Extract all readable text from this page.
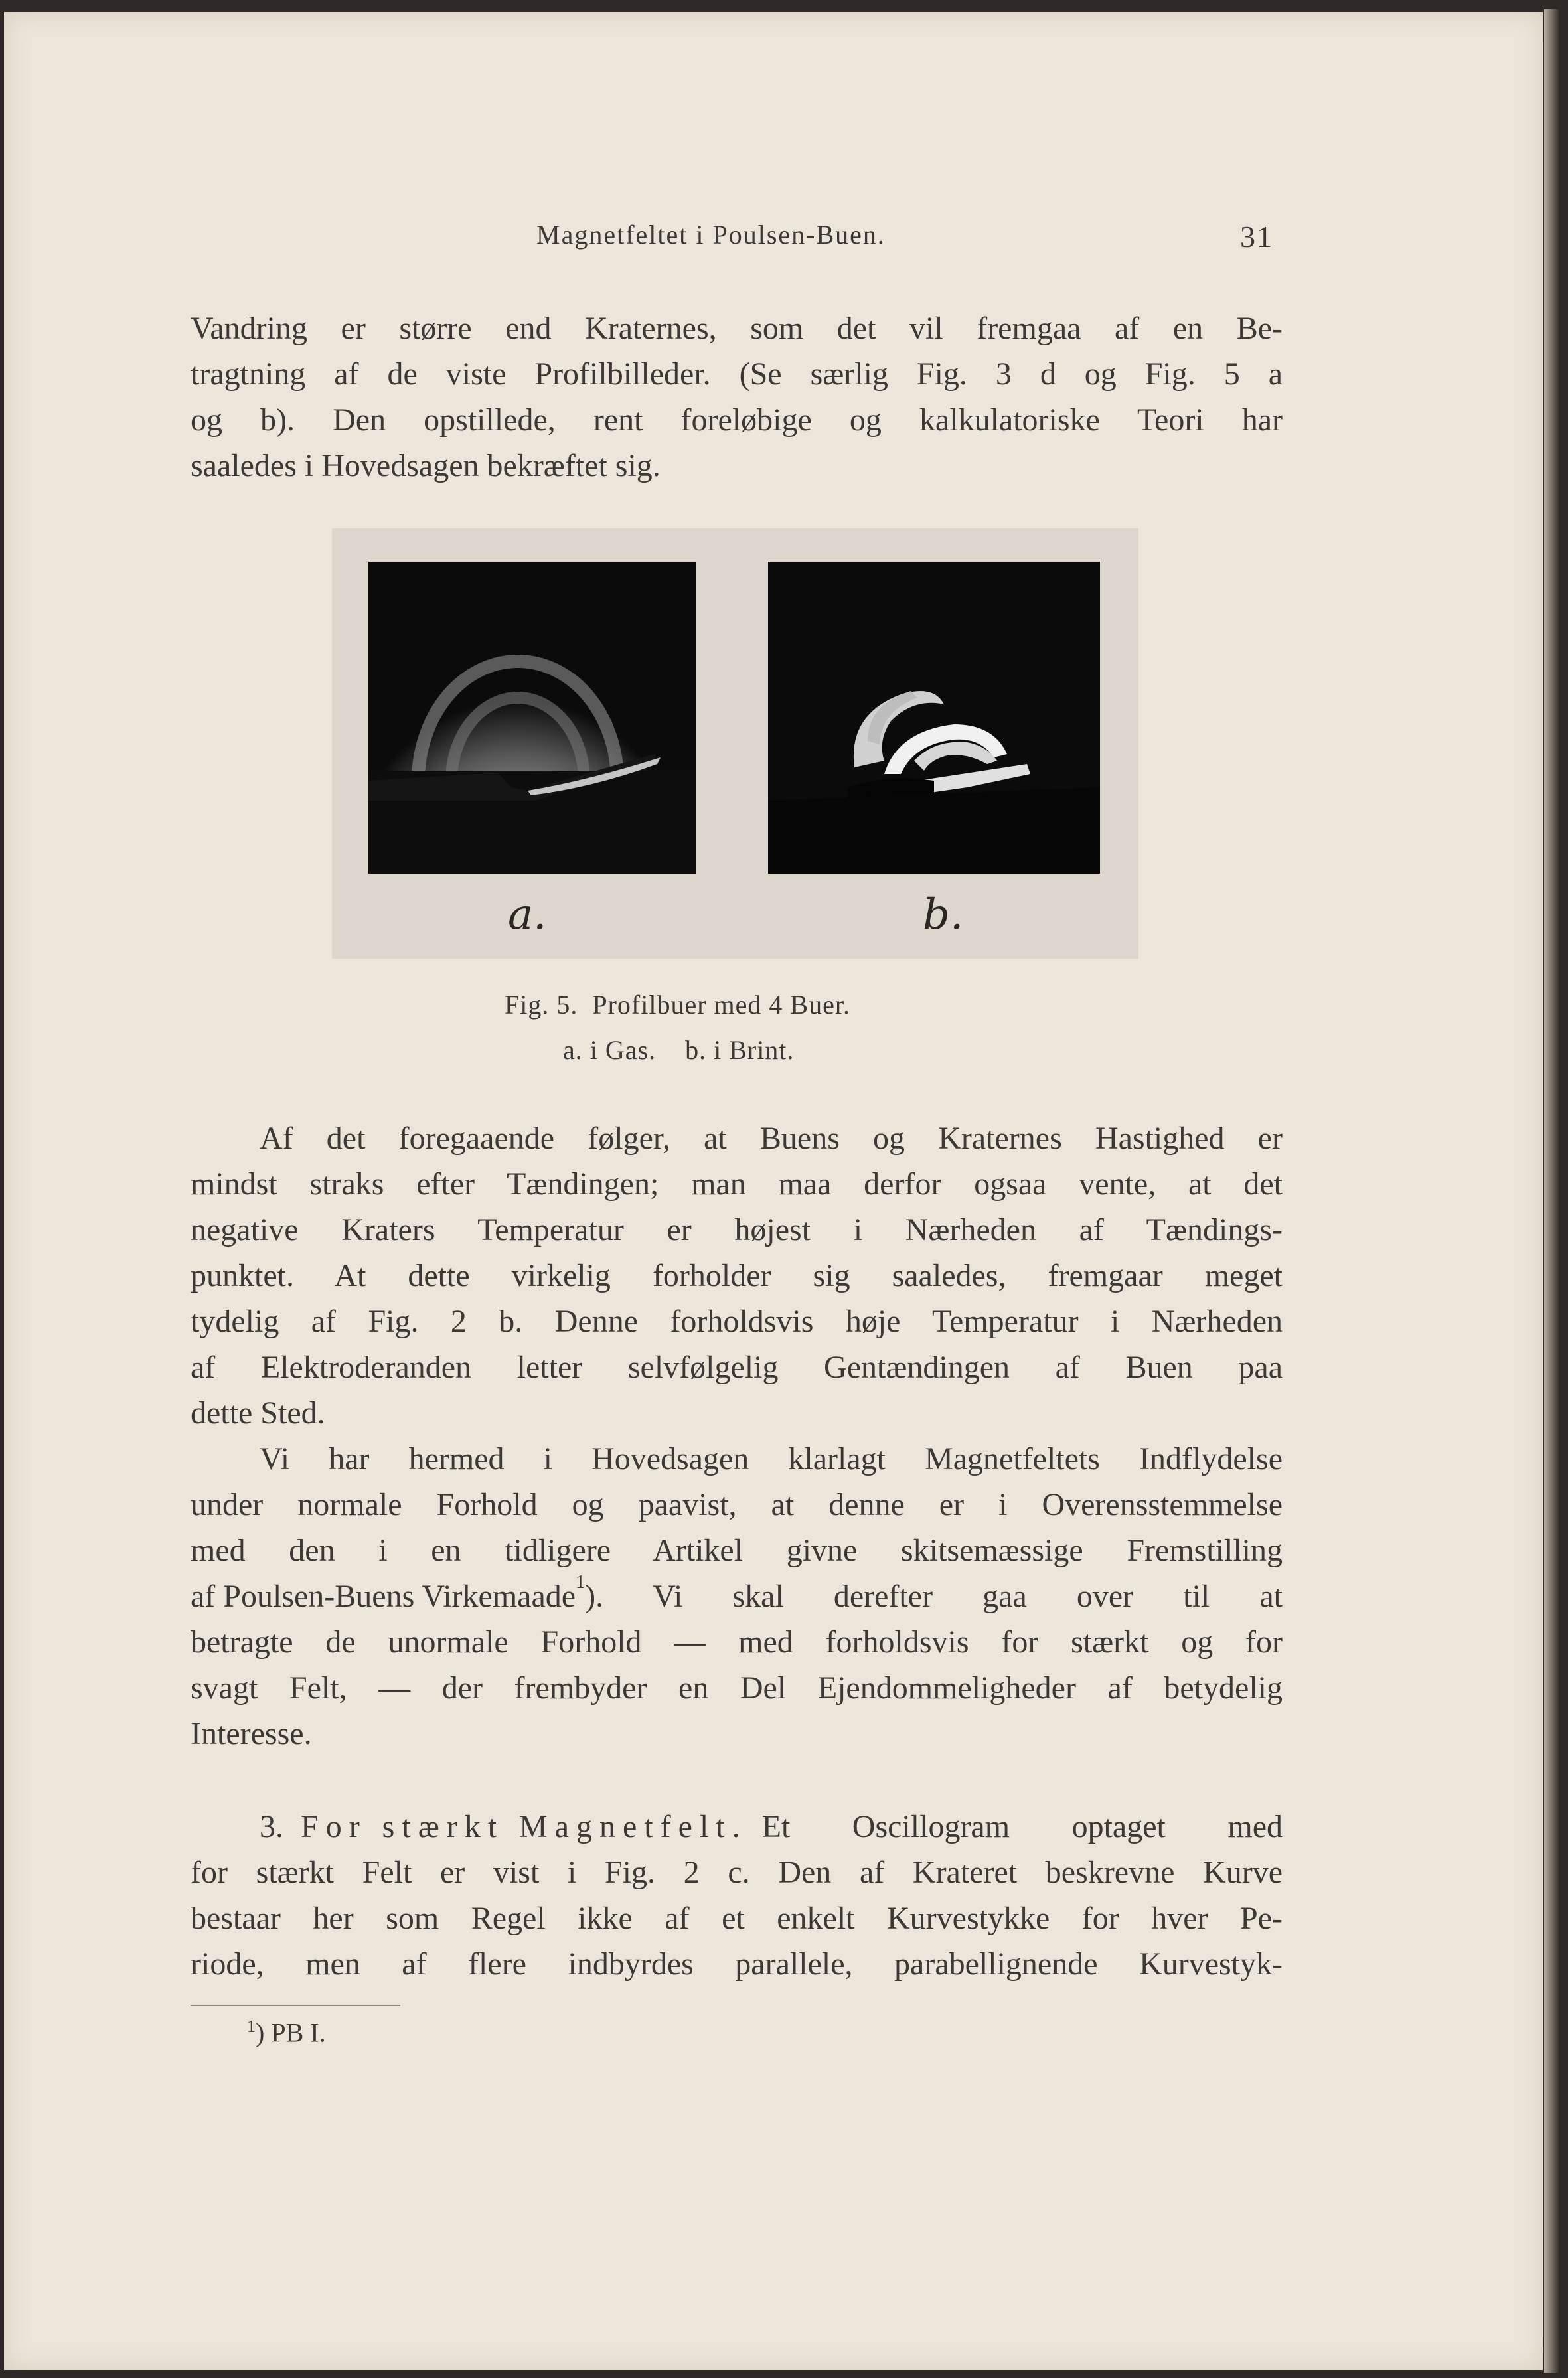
Magnetfeltet i Poulsen-Buen.	31
Vandring er større end Kraternes, som det vil fremgaa af en Be-
tragtning af de viste Profilbilleder. (Se særlig Fig. 3 d og Fig. 5 a
og b). Den opstillede, rent foreløbige og kalkulatoriske Teori har
saaledes i Hovedsagen bekræftet sig.
a.	b.
Fig. 5.  Profilbuer med 4 Buer.
a. i Gas.    b. i Brint.
Af det foregaaende følger, at Buens og Kraternes Hastighed er
mindst straks efter Tændingen; man maa derfor ogsaa vente, at det
negative Kraters Temperatur er højest i Nærheden af Tændings-
punktet. At dette virkelig forholder sig saaledes, fremgaar meget
tydelig af Fig. 2 b. Denne forholdsvis høje Temperatur i Nærheden
af Elektroderanden letter selvfølgelig Gentændingen af Buen paa
dette Sted.
Vi har hermed i Hovedsagen klarlagt Magnetfeltets Indflydelse
under normale Forhold og paavist, at denne er i Overensstemmelse
med den i en tidligere Artikel givne skitsemæssige Fremstilling
af Poulsen-Buens Virkemaade 1 ). Vi skal derefter gaa over til at
betragte de unormale Forhold — med forholdsvis for stærkt og for
svagt Felt, — der frembyder en Del Ejendommeligheder af betydelig
Interesse.
3. For stærkt Magnetfelt. Et Oscillogram optaget med
for stærkt Felt er vist i Fig. 2 c. Den af Krateret beskrevne Kurve
bestaar her som Regel ikke af et enkelt Kurvestykke for hver Pe-
riode, men af flere indbyrdes parallele, parabellignende Kurvestyk-
$^1$) PB I.
